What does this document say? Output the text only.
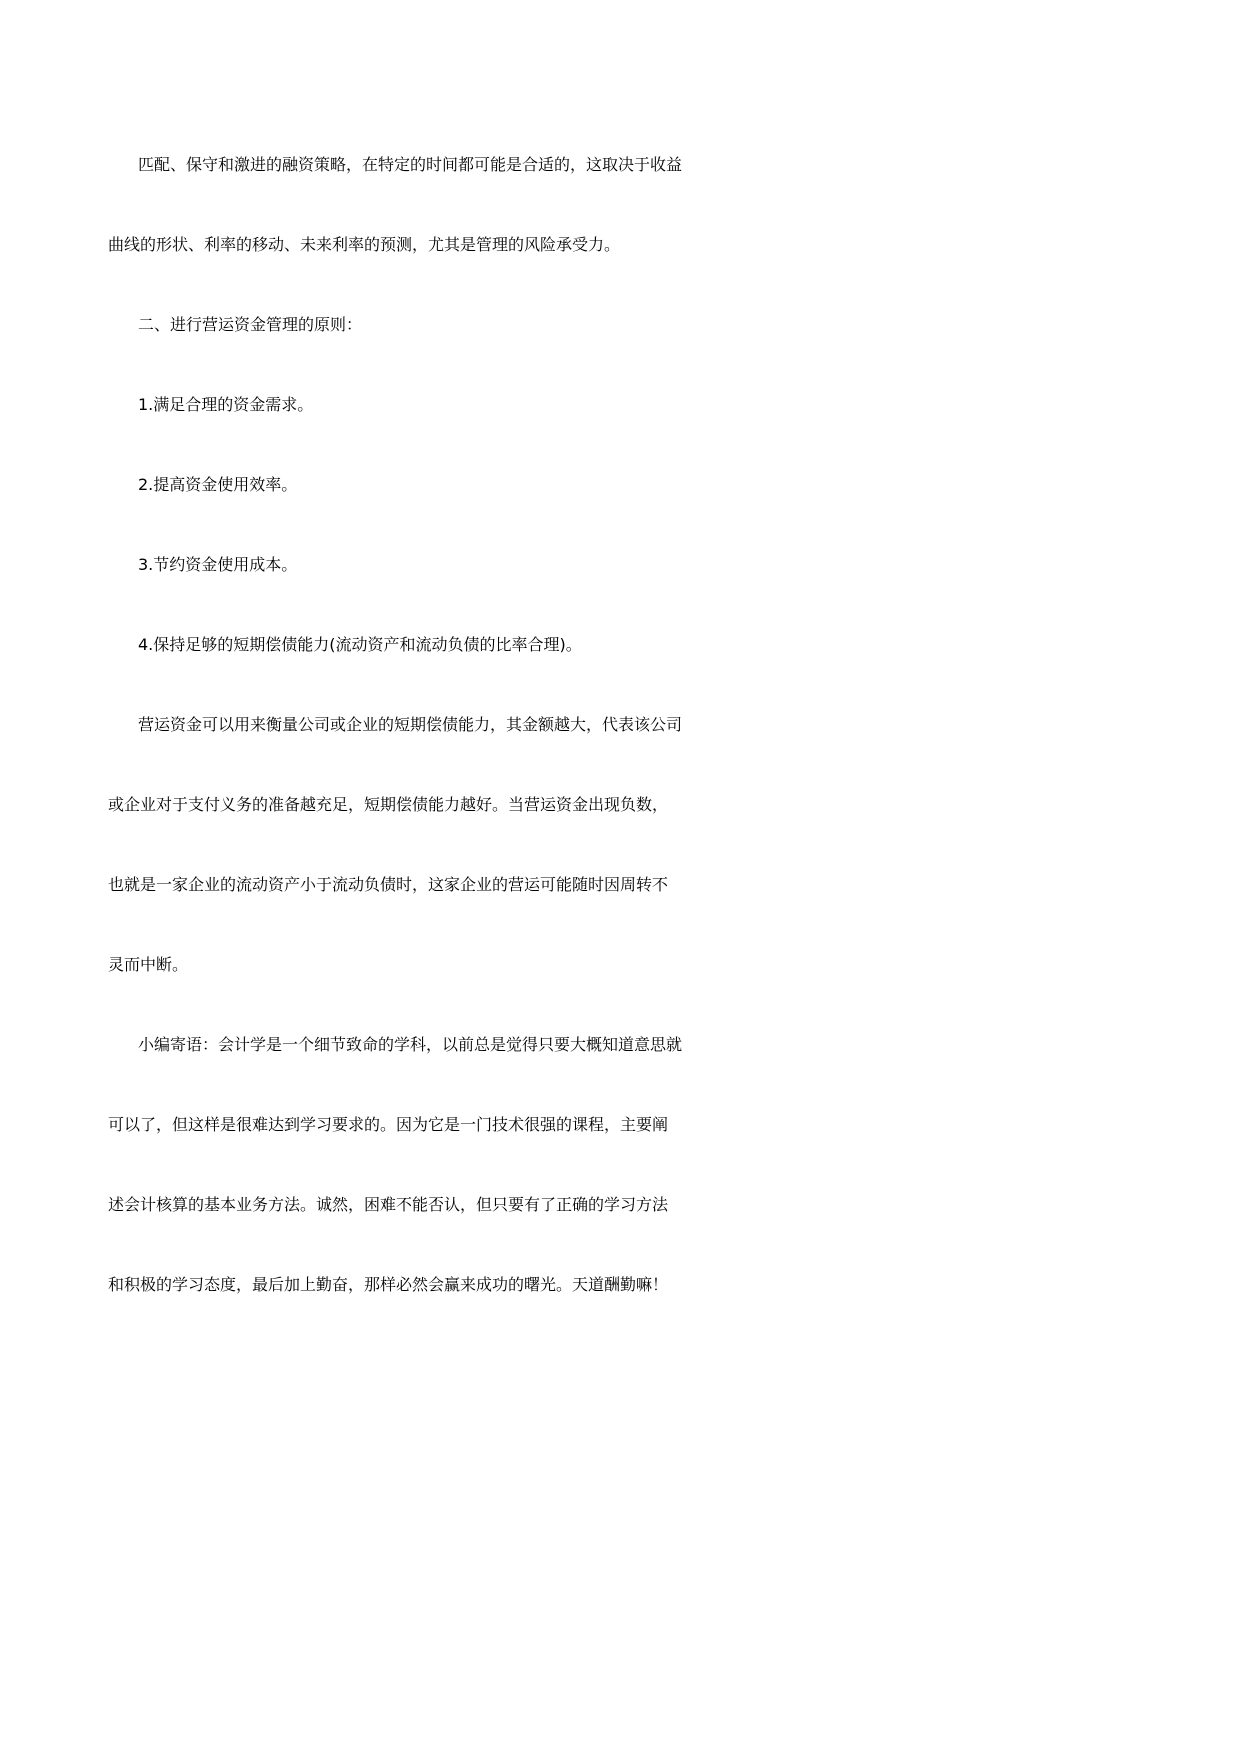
匹配、保守和激进的融资策略，在特定的时间都可能是合适的，这取决于收益
曲线的形状、利率的移动、未来利率的预测，尤其是管理的风险承受力。
二、进行营运资金管理的原则：
1.满足合理的资金需求。
2.提高资金使用效率。
3.节约资金使用成本。
4.保持足够的短期偿债能力(流动资产和流动负债的比率合理)。
营运资金可以用来衡量公司或企业的短期偿债能力，其金额越大，代表该公司
或企业对于支付义务的准备越充足，短期偿债能力越好。当营运资金出现负数，
也就是一家企业的流动资产小于流动负债时，这家企业的营运可能随时因周转不
灵而中断。
小编寄语：会计学是一个细节致命的学科，以前总是觉得只要大概知道意思就
可以了，但这样是很难达到学习要求的。因为它是一门技术很强的课程，主要阐
述会计核算的基本业务方法。诚然，困难不能否认，但只要有了正确的学习方法
和积极的学习态度，最后加上勤奋，那样必然会赢来成功的曙光。天道酬勤嘛！
